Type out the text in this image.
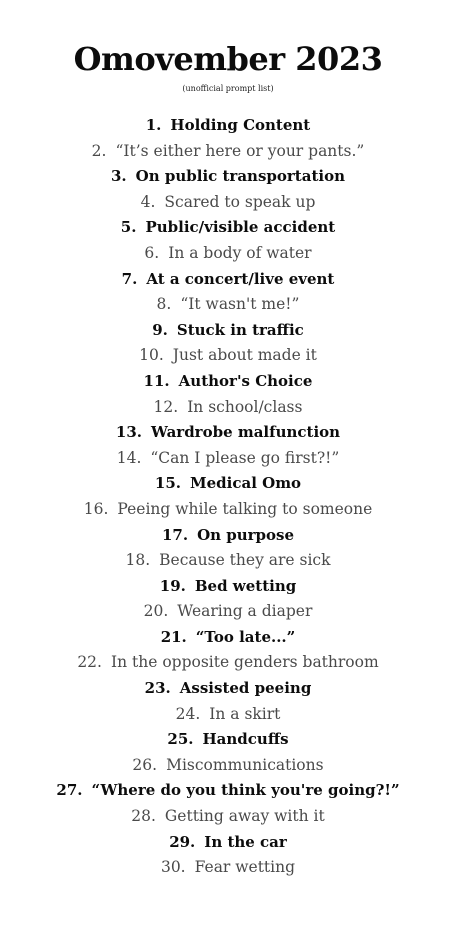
Omovember 2023
(unofficial prompt list)
1. Holding Content
2. “It’s either here or your pants.”
3. On public transportation
4. Scared to speak up
5. Public/visible accident
6. In a body of water
7. At a concert/live event
8. “It wasn't me!”
9. Stuck in traffic
10. Just about made it
11. Author's Choice
12. In school/class
13. Wardrobe malfunction
14. “Can I please go first?!”
15. Medical Omo
16. Peeing while talking to someone
17. On purpose
18. Because they are sick
19. Bed wetting
20. Wearing a diaper
21. “Too late...”
22. In the opposite genders bathroom
23. Assisted peeing
24. In a skirt
25. Handcuffs
26. Miscommunications
27. “Where do you think you're going?!”
28. Getting away with it
29. In the car
30. Fear wetting
